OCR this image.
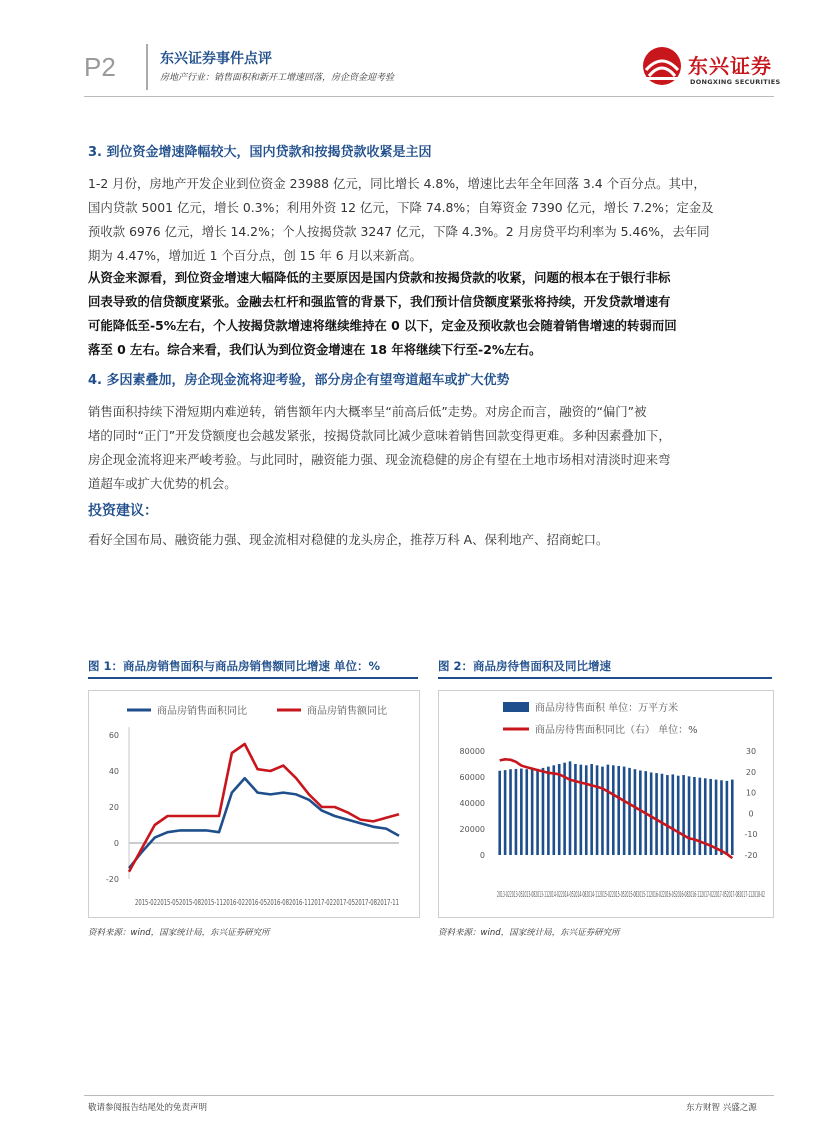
P2	东兴证券事件点评
房地产行业：销售面积和新开工增速回落，房企资金迎考验	东兴证券
DONGXING SECURITIES
3. 到位资金增速降幅较大，国内贷款和按揭贷款收紧是主因
1-2 月份，房地产开发企业到位资金 23988 亿元，同比增长 4.8%，增速比去年全年回落 3.4 个百分点。其中，
国内贷款 5001 亿元，增长 0.3%；利用外资 12 亿元，下降 74.8%；自筹资金 7390 亿元，增长 7.2%；定金及
预收款 6976 亿元，增长 14.2%；个人按揭贷款 3247 亿元，下降 4.3%。2 月房贷平均利率为 5.46%，去年同
期为 4.47%，增加近 1 个百分点，创 15 年 6 月以来新高。
从资金来源看，到位资金增速大幅降低的主要原因是国内贷款和按揭贷款的收紧，问题的根本在于银行非标
回表导致的信贷额度紧张。金融去杠杆和强监管的背景下，我们预计信贷额度紧张将持续，开发贷款增速有
可能降低至-5%左右，个人按揭贷款增速将继续维持在 0 以下，定金及预收款也会随着销售增速的转弱而回
落至 0 左右。综合来看，我们认为到位资金增速在 18 年将继续下行至-2%左右。
4. 多因素叠加，房企现金流将迎考验，部分房企有望弯道超车或扩大优势
销售面积持续下滑短期内难逆转，销售额年内大概率呈“前高后低”走势。对房企而言，融资的“偏门”被
堵的同时“正门”开发贷额度也会越发紧张，按揭贷款同比减少意味着销售回款变得更难。多种因素叠加下，
房企现金流将迎来严峻考验。与此同时，融资能力强、现金流稳健的房企有望在土地市场相对清淡时迎来弯
道超车或扩大优势的机会。
投资建议：
看好全国布局、融资能力强、现金流相对稳健的龙头房企，推荐万科 A、保利地产、招商蛇口。
图 1：商品房销售面积与商品房销售额同比增速 单位：%
商品房销售面积同比	商品房销售额同比
60
40
20
0
-20
2015-022015-052015-082015-112016-022016-052016-082016-112017-022017-052017-082017-11
资料来源：wind，国家统计局，东兴证券研究所
图 2：商品房待售面积及同比增速
商品房待售面积 单位：万平方米
商品房待售面积同比（右） 单位：%
80000
60000
40000
20000
0
30
20
10
0
-10
-20
2013-022013-052013-082013-112014-022014-052014-082014-112015-022015-052015-082015-112016-022016-052016-082016-112017-022017-052017-082017-112018-02
资料来源：wind，国家统计局，东兴证券研究所
敬请参阅报告结尾处的免责声明	东方财智 兴盛之源
